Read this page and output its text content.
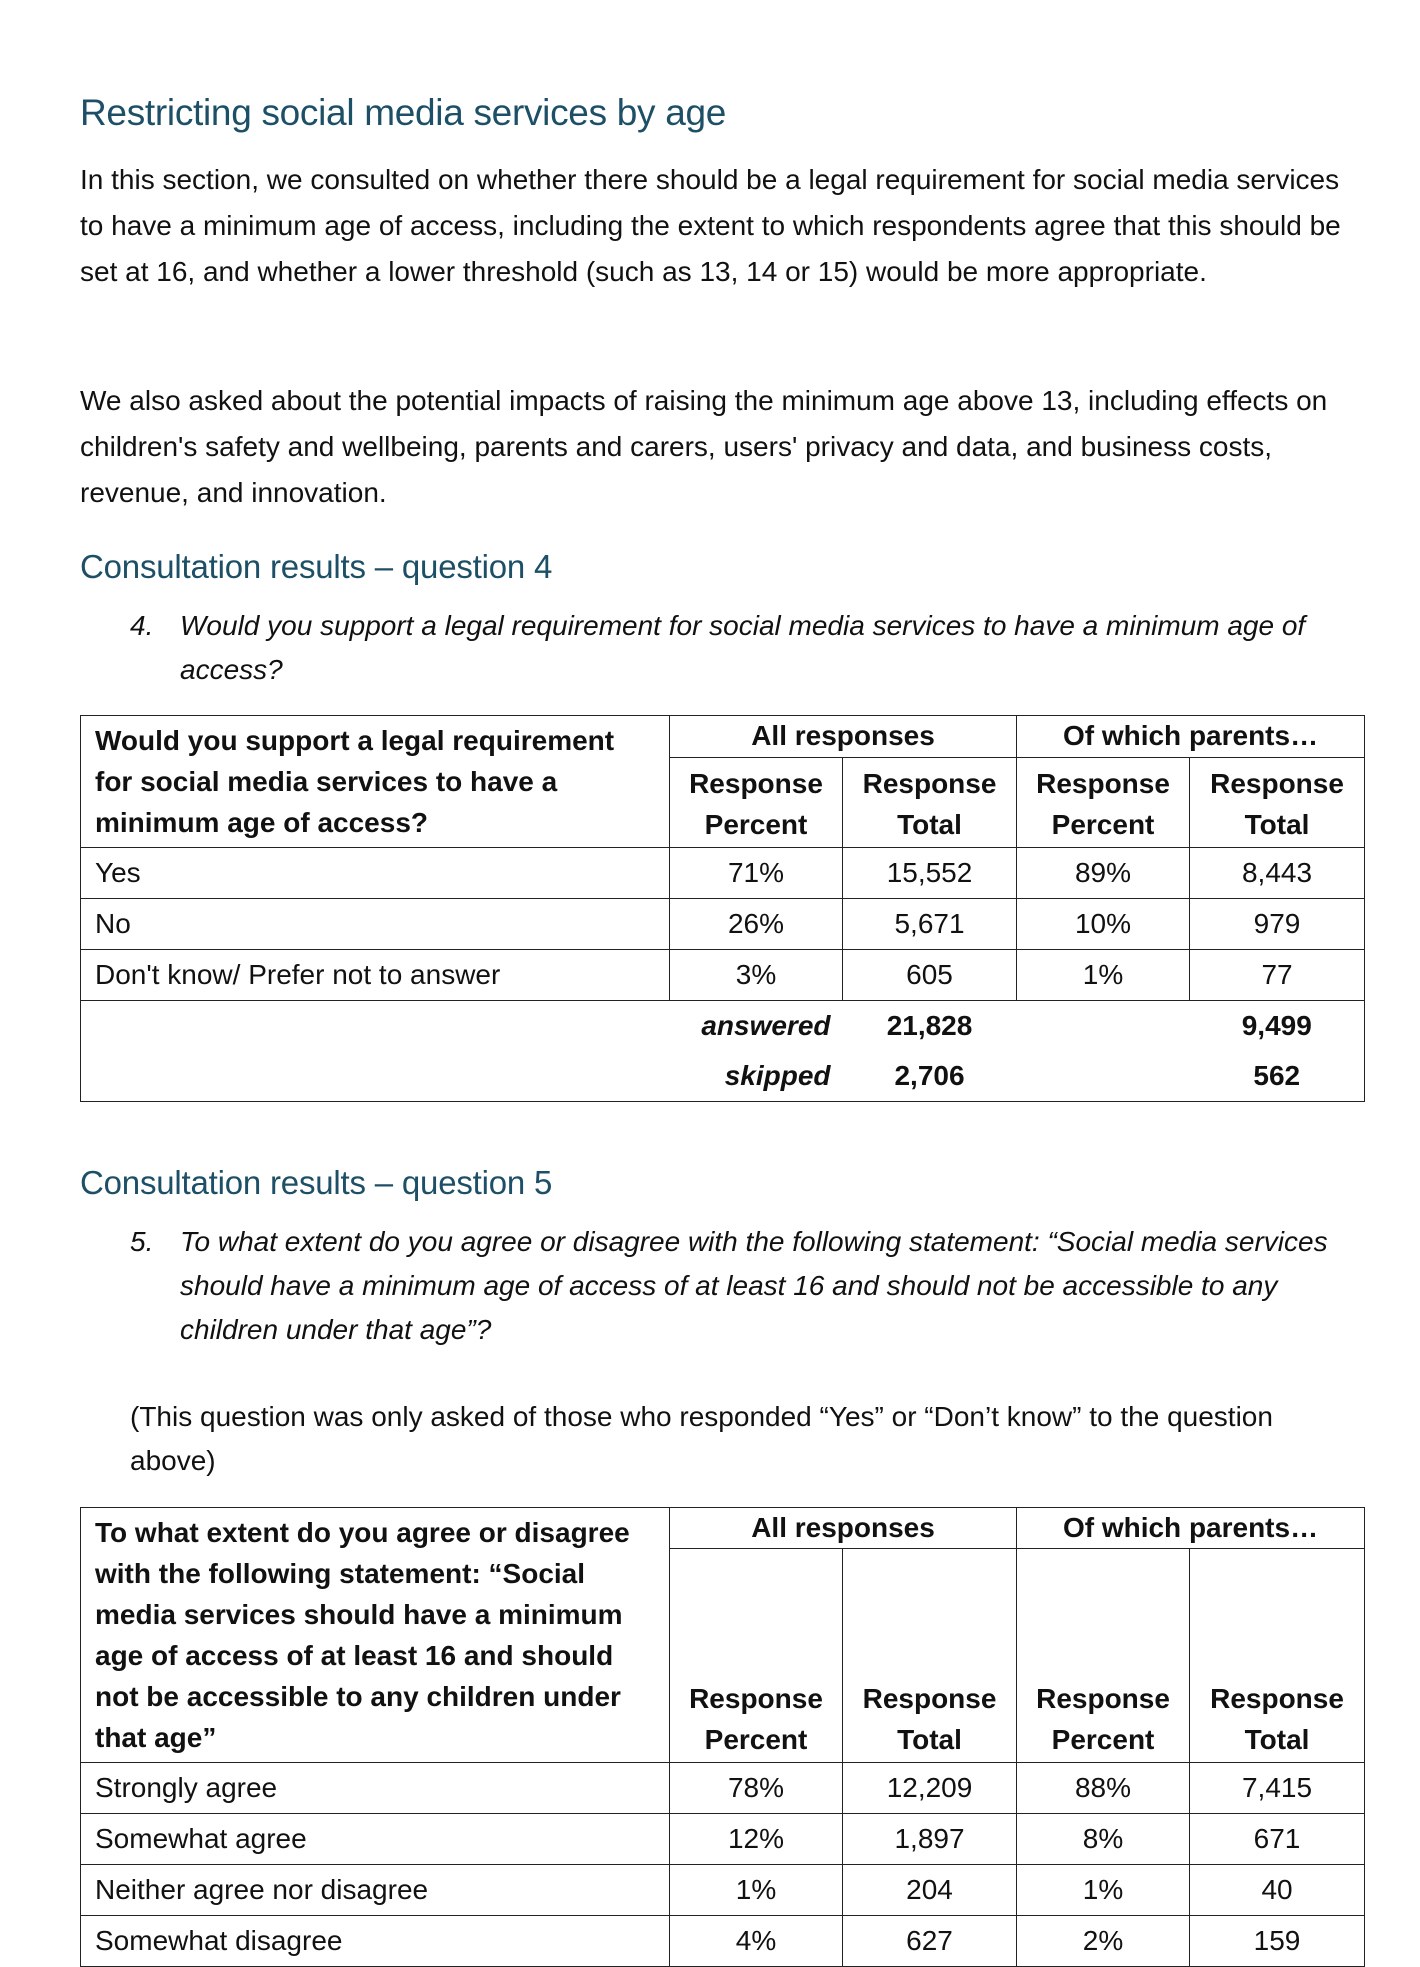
Restricting social media services by age

In this section, we consulted on whether there should be a legal requirement for social media services to have a minimum age of access, including the extent to which respondents agree that this should be set at 16, and whether a lower threshold (such as 13, 14 or 15) would be more appropriate.

We also asked about the potential impacts of raising the minimum age above 13, including effects on children's safety and wellbeing, parents and carers, users' privacy and data, and business costs, revenue, and innovation.

Consultation results – question 4
4. Would you support a legal requirement for social media services to have a minimum age of access?
Would you support a legal requirement for social media services to have a minimum age of access?	All responses		Of which parents…	
	Response Percent	Response Total	Response Percent	Response Total
Yes	71%	15,552	89%	8,443
No	26%	5,671	10%	979
Don't know/ Prefer not to answer	3%	605	1%	77
	answered	21,828		9,499
	skipped	2,706		562
Consultation results – question 5
5. To what extent do you agree or disagree with the following statement: “Social media services should have a minimum age of access of at least 16 and should not be accessible to any children under that age”?

(This question was only asked of those who responded “Yes” or “Don’t know” to the question above)

To what extent do you agree or disagree with the following statement: “Social media services should have a minimum age of access of at least 16 and should not be accessible to any children under that age”	All responses		Of which parents…	
	Response Percent	Response Total	Response Percent	Response Total
Strongly agree	78%	12,209	88%	7,415
Somewhat agree	12%	1,897	8%	671
Neither agree nor disagree	1%	204	1%	40
Somewhat disagree	4%	627	2%	159
